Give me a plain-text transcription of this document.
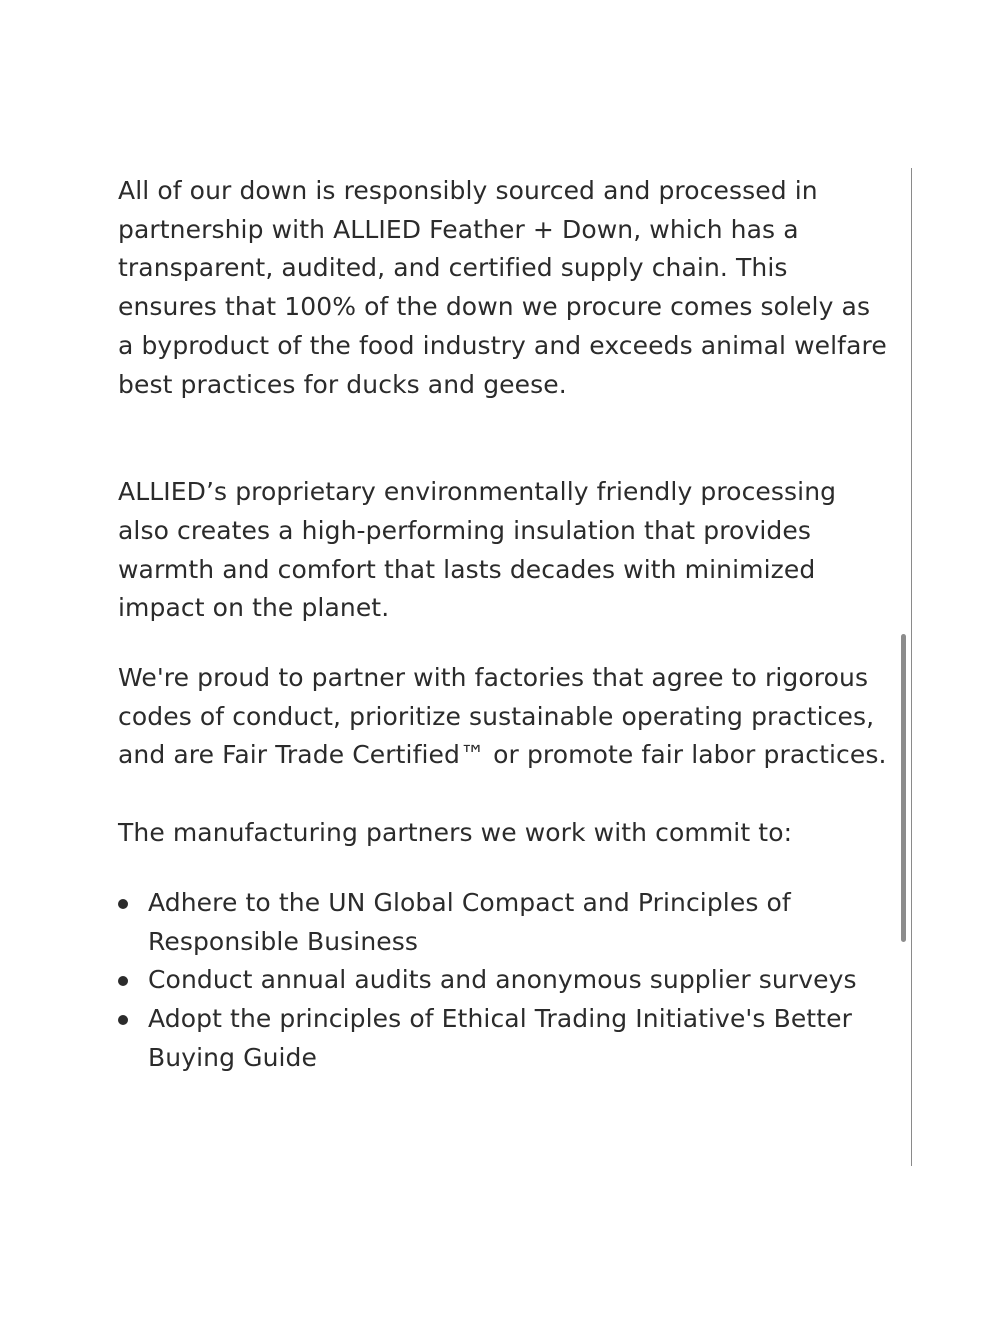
All of our down is responsibly sourced and processed in partnership with ALLIED Feather + Down, which has a transparent, audited, and certified supply chain. This ensures that 100% of the down we procure comes solely as a byproduct of the food industry and exceeds animal welfare best practices for ducks and geese.

ALLIED’s proprietary environmentally friendly processing also creates a high-performing insulation that provides warmth and comfort that lasts decades with minimized impact on the planet.

We're proud to partner with factories that agree to rigorous codes of conduct, prioritize sustainable operating practices, and are Fair Trade Certified™ or promote fair labor practices.

The manufacturing partners we work with commit to:

Adhere to the UN Global Compact and Principles of Responsible Business
Conduct annual audits and anonymous supplier surveys
Adopt the principles of Ethical Trading Initiative's Better Buying Guide
